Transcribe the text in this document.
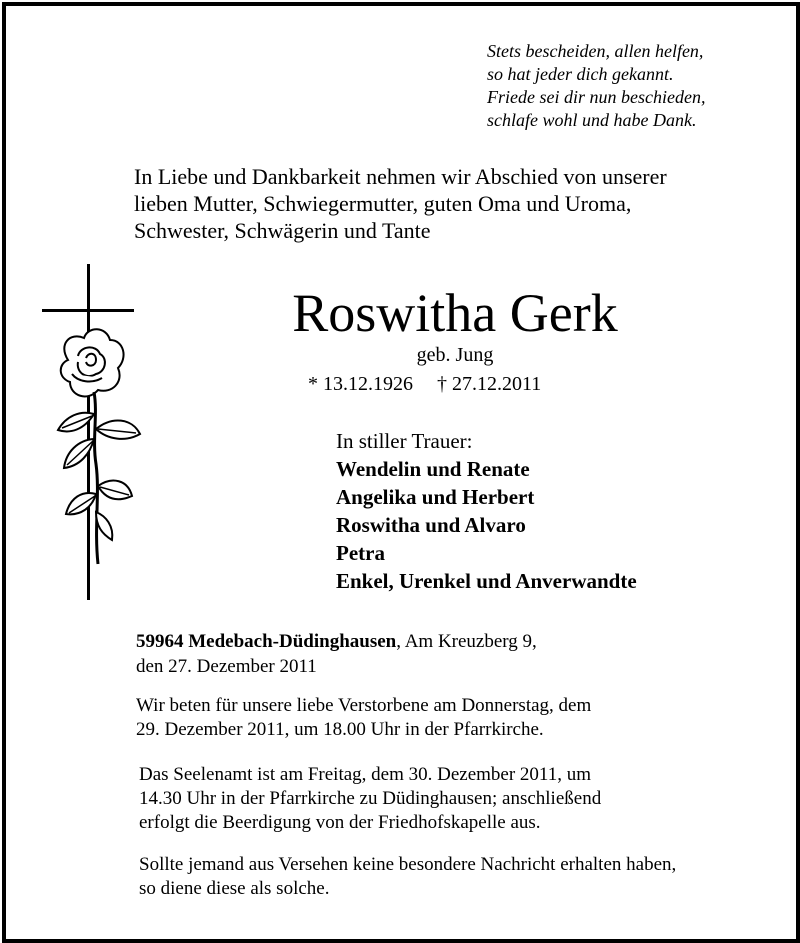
Stets bescheiden, allen helfen,
so hat jeder dich gekannt.
Friede sei dir nun beschieden,
schlafe wohl und habe Dank.
In Liebe und Dankbarkeit nehmen wir Abschied von unserer
lieben Mutter, Schwiegermutter, guten Oma und Uroma,
Schwester, Schwägerin und Tante
Roswitha Gerk
geb. Jung
* 13.12.1926 † 27.12.2011
In stiller Trauer:
Wendelin und Renate
Angelika und Herbert
Roswitha und Alvaro
Petra
Enkel, Urenkel und Anverwandte
59964 Medebach-Düdinghausen, Am Kreuzberg 9,
den 27. Dezember 2011
Wir beten für unsere liebe Verstorbene am Donnerstag, dem
29. Dezember 2011, um 18.00 Uhr in der Pfarrkirche.
Das Seelenamt ist am Freitag, dem 30. Dezember 2011, um
14.30 Uhr in der Pfarrkirche zu Düdinghausen; anschließend
erfolgt die Beerdigung von der Friedhofskapelle aus.
Sollte jemand aus Versehen keine besondere Nachricht erhalten haben,
so diene diese als solche.
